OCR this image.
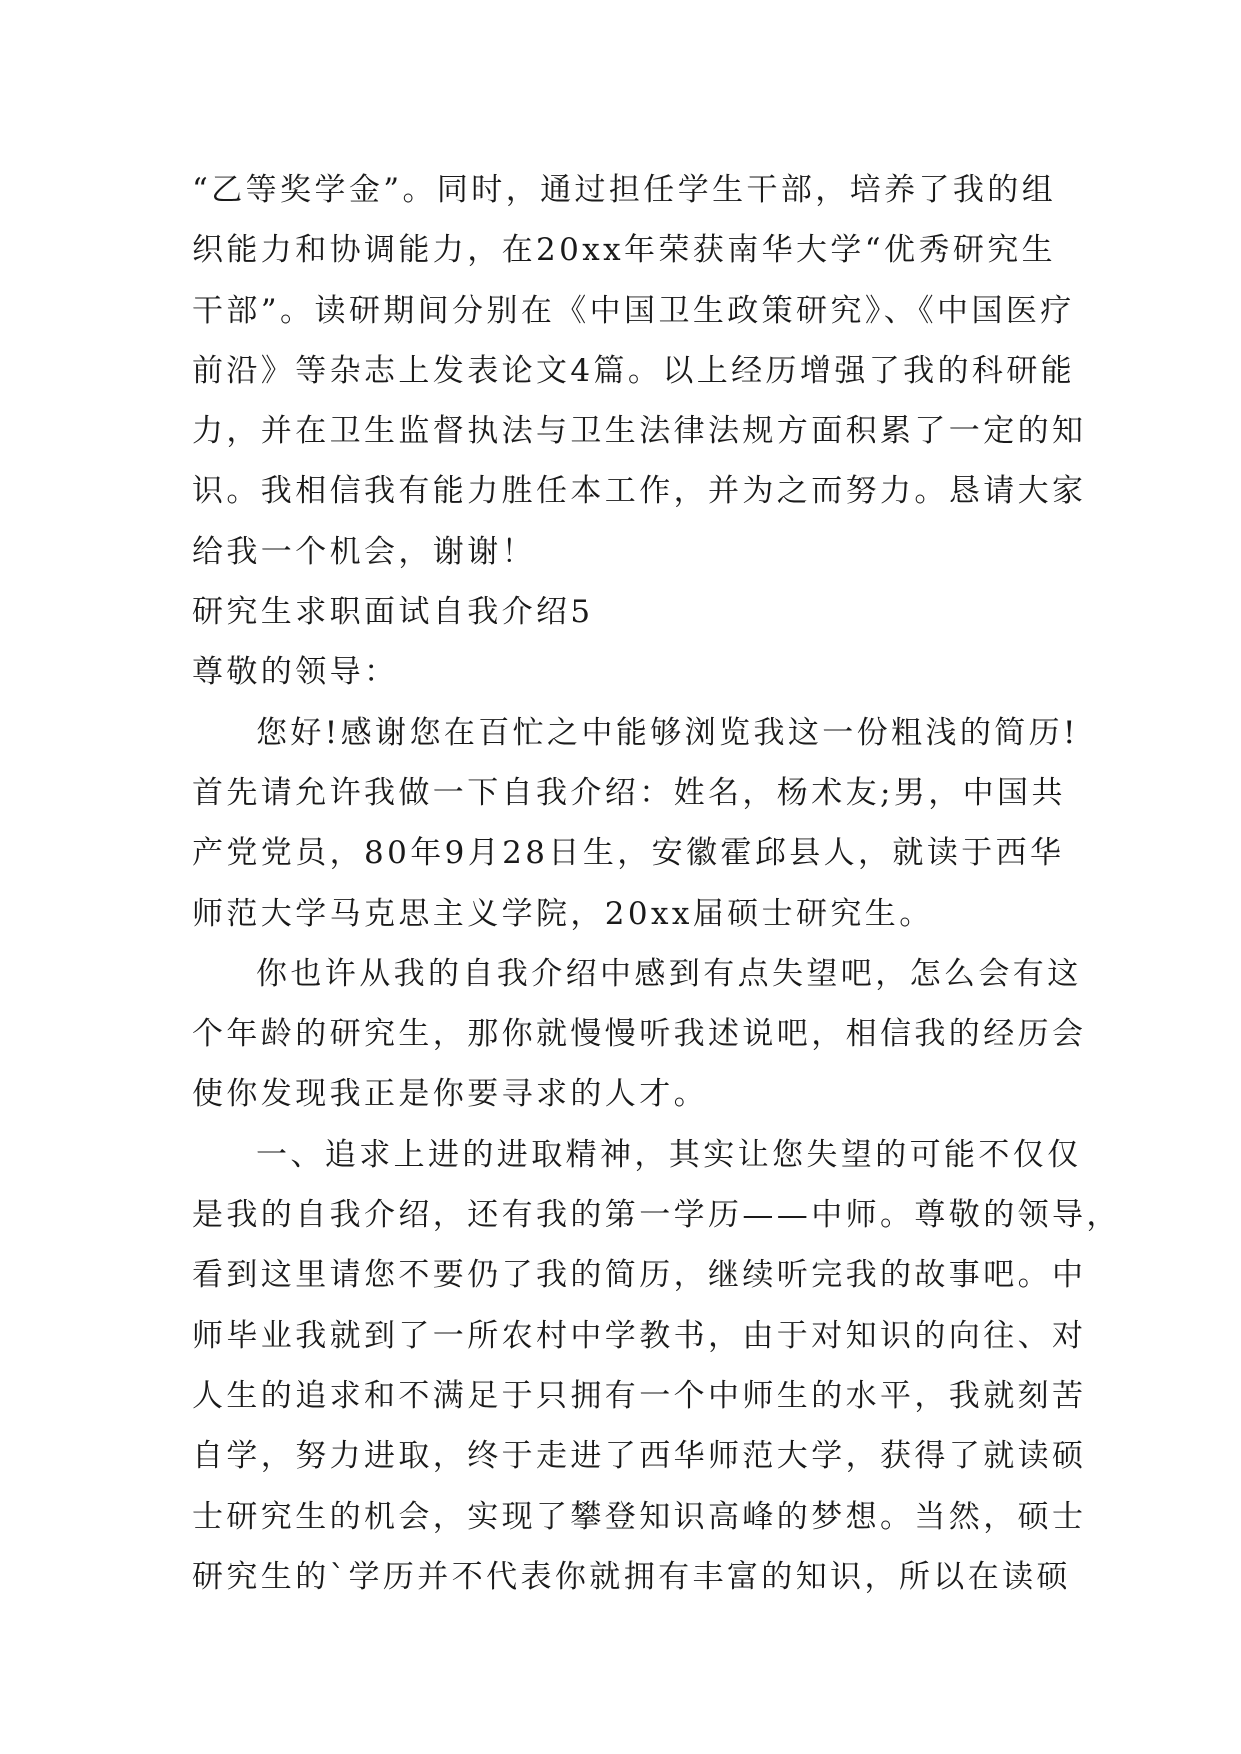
“乙等奖学金”。同时，通过担任学生干部，培养了我的组
织能力和协调能力，在20xx年荣获南华大学“优秀研究生
干部”。读研期间分别在《中国卫生政策研究》、《中国医疗
前沿》等杂志上发表论文4篇。以上经历增强了我的科研能
力，并在卫生监督执法与卫生法律法规方面积累了一定的知
识。我相信我有能力胜任本工作，并为之而努力。恳请大家
给我一个机会，谢谢！
研究生求职面试自我介绍5
尊敬的领导：
您好!感谢您在百忙之中能够浏览我这一份粗浅的简历!
首先请允许我做一下自我介绍：姓名，杨术友;男，中国共
产党党员，80年9月28日生，安徽霍邱县人，就读于西华
师范大学马克思主义学院，20xx届硕士研究生。
你也许从我的自我介绍中感到有点失望吧，怎么会有这
个年龄的研究生，那你就慢慢听我述说吧，相信我的经历会
使你发现我正是你要寻求的人才。
一、追求上进的进取精神，其实让您失望的可能不仅仅
是我的自我介绍，还有我的第一学历——中师。尊敬的领导，
看到这里请您不要仍了我的简历，继续听完我的故事吧。中
师毕业我就到了一所农村中学教书，由于对知识的向往、对
人生的追求和不满足于只拥有一个中师生的水平，我就刻苦
自学，努力进取，终于走进了西华师范大学，获得了就读硕
士研究生的机会，实现了攀登知识高峰的梦想。当然，硕士
研究生的`学历并不代表你就拥有丰富的知识，所以在读硕
